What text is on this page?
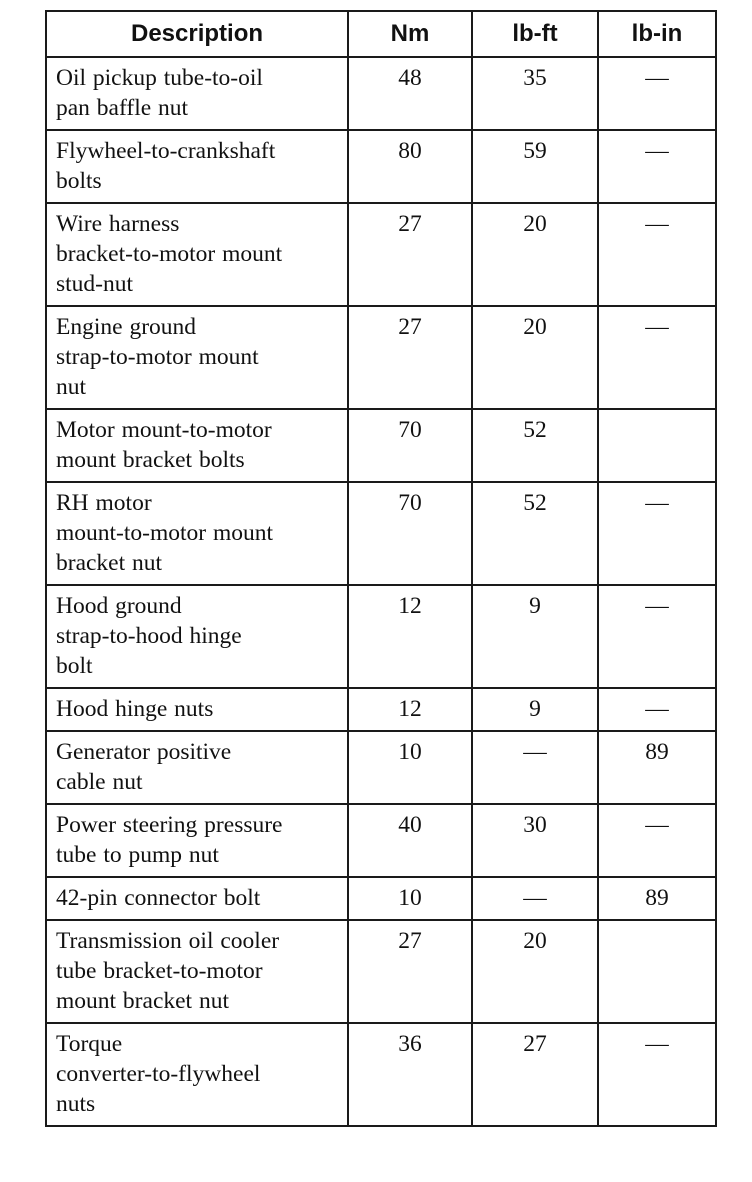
Description	Nm	lb-ft	lb-in

Oil pickup tube-to-oil
pan baffle nut	48	35	—

Flywheel-to-crankshaft
bolts	80	59	—

Wire harness
bracket-to-motor mount
stud-nut	27	20	—

Engine ground
strap-to-motor mount
nut	27	20	—

Motor mount-to-motor
mount bracket bolts	70	52	

RH motor
mount-to-motor mount
bracket nut	70	52	—

Hood ground
strap-to-hood hinge
bolt	12	9	—

Hood hinge nuts	12	9	—

Generator positive
cable nut	10	—	89

Power steering pressure
tube to pump nut	40	30	—

42-pin connector bolt	10	—	89

Transmission oil cooler
tube bracket-to-motor
mount bracket nut	27	20	

Torque
converter-to-flywheel
nuts	36	27	—
